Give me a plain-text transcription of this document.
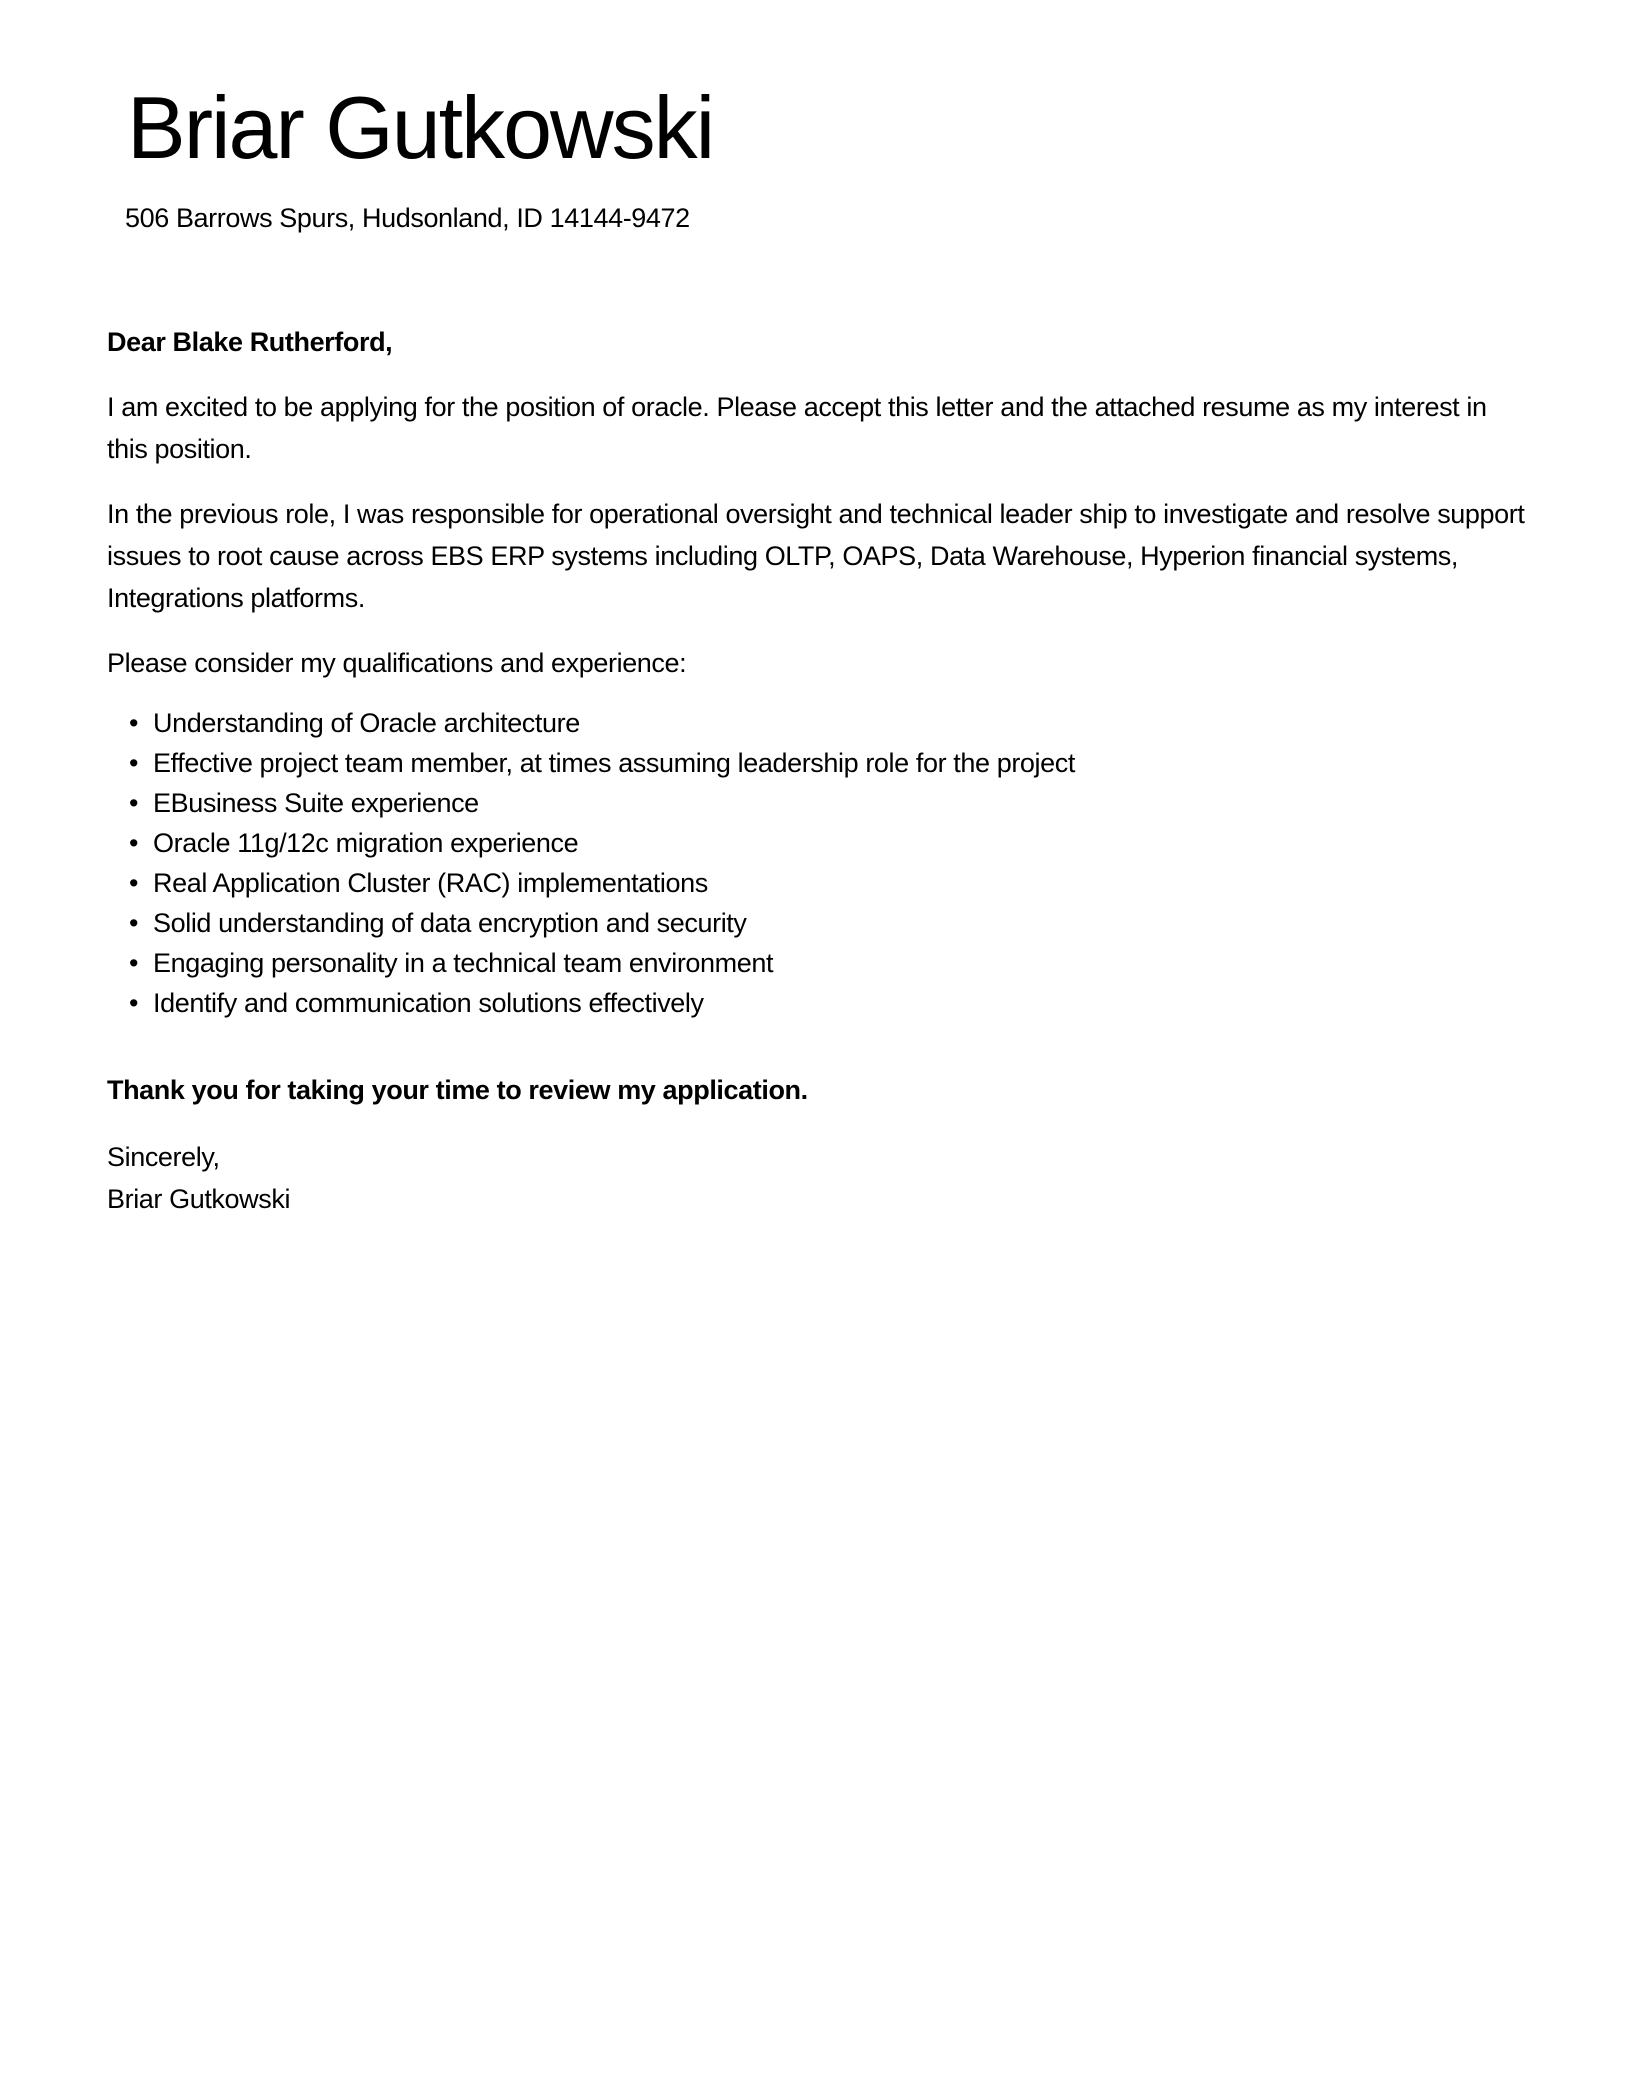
Briar Gutkowski
506 Barrows Spurs, Hudsonland, ID 14144-9472
Dear Blake Rutherford,

I am excited to be applying for the position of oracle. Please accept this letter and the attached resume as my interest in this position.

In the previous role, I was responsible for operational oversight and technical leader ship to investigate and resolve support issues to root cause across EBS ERP systems including OLTP, OAPS, Data Warehouse, Hyperion financial systems, Integrations platforms.

Please consider my qualifications and experience:

• Understanding of Oracle architecture
• Effective project team member, at times assuming leadership role for the project
• EBusiness Suite experience
• Oracle 11g/12c migration experience
• Real Application Cluster (RAC) implementations
• Solid understanding of data encryption and security
• Engaging personality in a technical team environment
• Identify and communication solutions effectively
Thank you for taking your time to review my application.
Sincerely,
Briar Gutkowski
